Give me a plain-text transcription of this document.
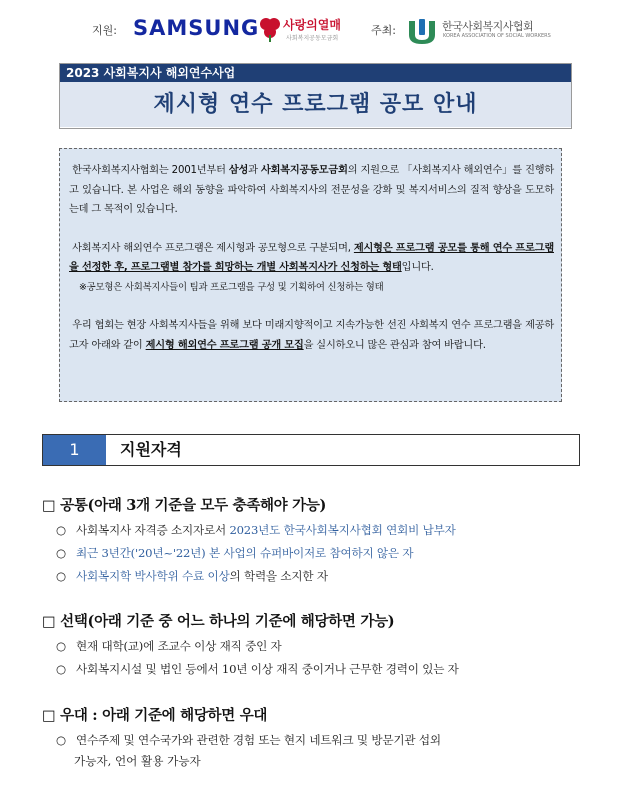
지원: SAMSUNG 사랑의열매
사회복지공동모금회
주최:	한국사회복지사협회
KOREA ASSOCIATION OF SOCIAL WORKERS
2023 사회복지사 해외연수사업
제시형 연수 프로그램 공모 안내

한국사회복지사협회는 2001년부터 삼성과 사회복지공동모금회의 지원으로 「사회복지사 해외연수」를 진행하고 있습니다. 본 사업은 해외 동향을 파악하여 사회복지사의 전문성을 강화 및 복지서비스의 질적 향상을 도모하는데 그 목적이 있습니다.

사회복지사 해외연수 프로그램은 제시형과 공모형으로 구분되며, 제시형은 프로그램 공모를 통해 연수 프로그램을 선정한 후, 프로그램별 참가를 희망하는 개별 사회복지사가 신청하는 형태입니다.

※공모형은 사회복지사들이 팀과 프로그램을 구성 및 기획하여 신청하는 형태

우리 협회는 현장 사회복지사들을 위해 보다 미래지향적이고 지속가능한 선진 사회복지 연수 프로그램을 제공하고자 아래와 같이 제시형 해외연수 프로그램 공개 모집을 실시하오니 많은 관심과 참여 바랍니다.

1	지원자격
□ 공통(아래 3개 기준을 모두 충족해야 가능)
○ 사회복지사 자격증 소지자로서 2023년도 한국사회복지사협회 연회비 납부자
○ 최근 3년간('20년~'22년) 본 사업의 슈퍼바이저로 참여하지 않은 자
○ 사회복지학 박사학위 수료 이상의 학력을 소지한 자
□ 선택(아래 기준 중 어느 하나의 기준에 해당하면 가능)
○ 현재 대학(교)에 조교수 이상 재직 중인 자
○ 사회복지시설 및 법인 등에서 10년 이상 재직 중이거나 근무한 경력이 있는 자
□ 우대 : 아래 기준에 해당하면 우대
○ 연수주제 및 연수국가와 관련한 경험 또는 현지 네트워크 및 방문기관 섭외
가능자, 언어 활용 가능자
